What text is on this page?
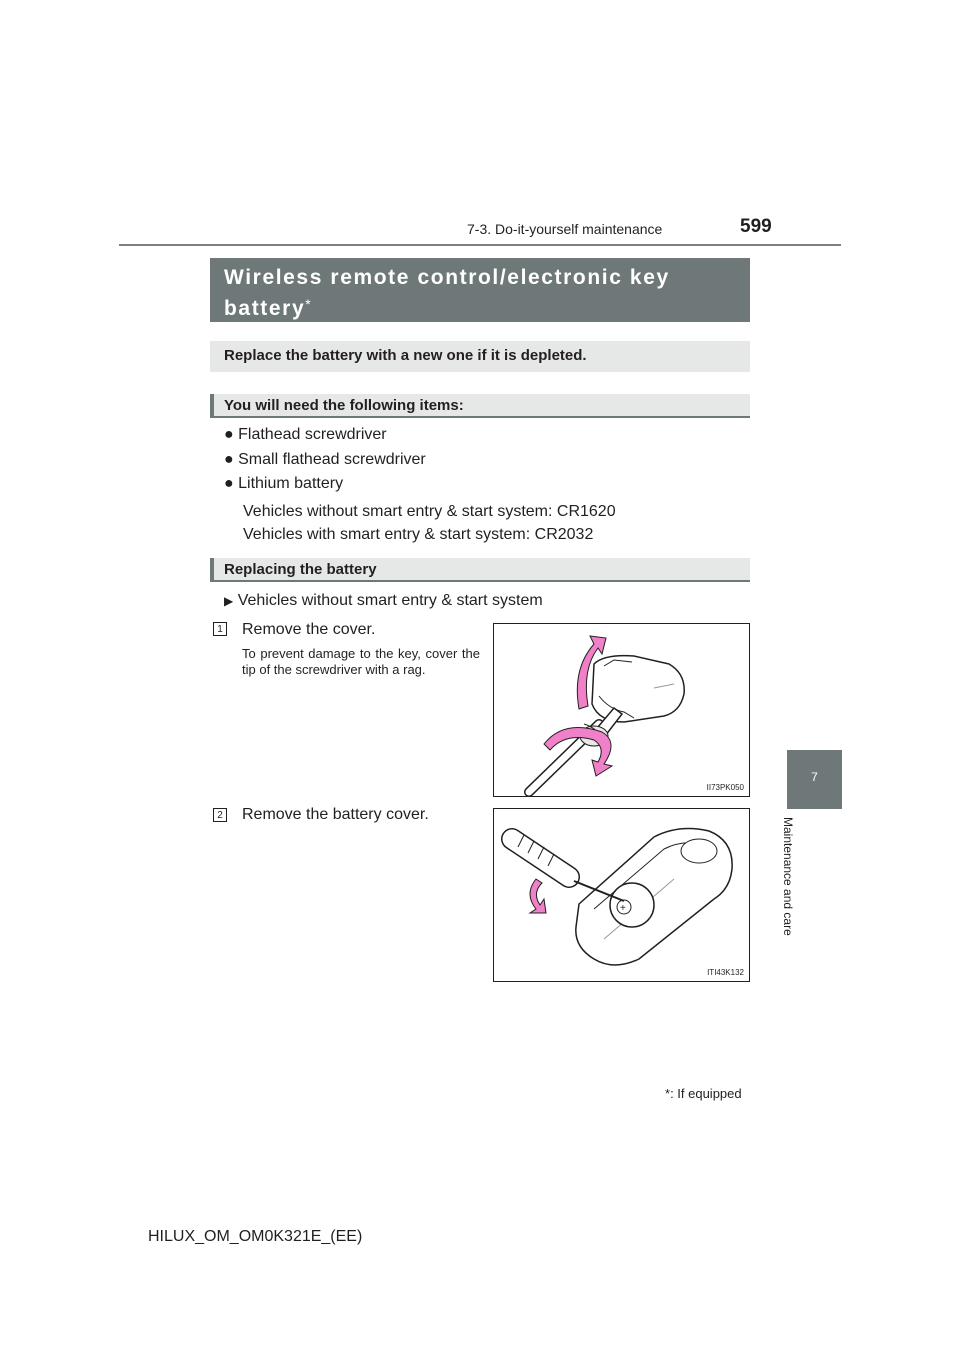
7-3. Do-it-yourself maintenance	599
7
Maintenance and care
Wireless remote control/electronic key battery*
Replace the battery with a new one if it is depleted.
You will need the following items:
● Flathead screwdriver
● Small flathead screwdriver
● Lithium battery
Vehicles without smart entry & start system: CR1620
Vehicles with smart entry & start system: CR2032
Replacing the battery
▶ Vehicles without smart entry & start system
1 Remove the cover.
To prevent damage to the key, cover the tip of the screwdriver with a rag.
II73PK050
2 Remove the battery cover.
+
ITI43K132
*: If equipped
HILUX_OM_OM0K321E_(EE)
